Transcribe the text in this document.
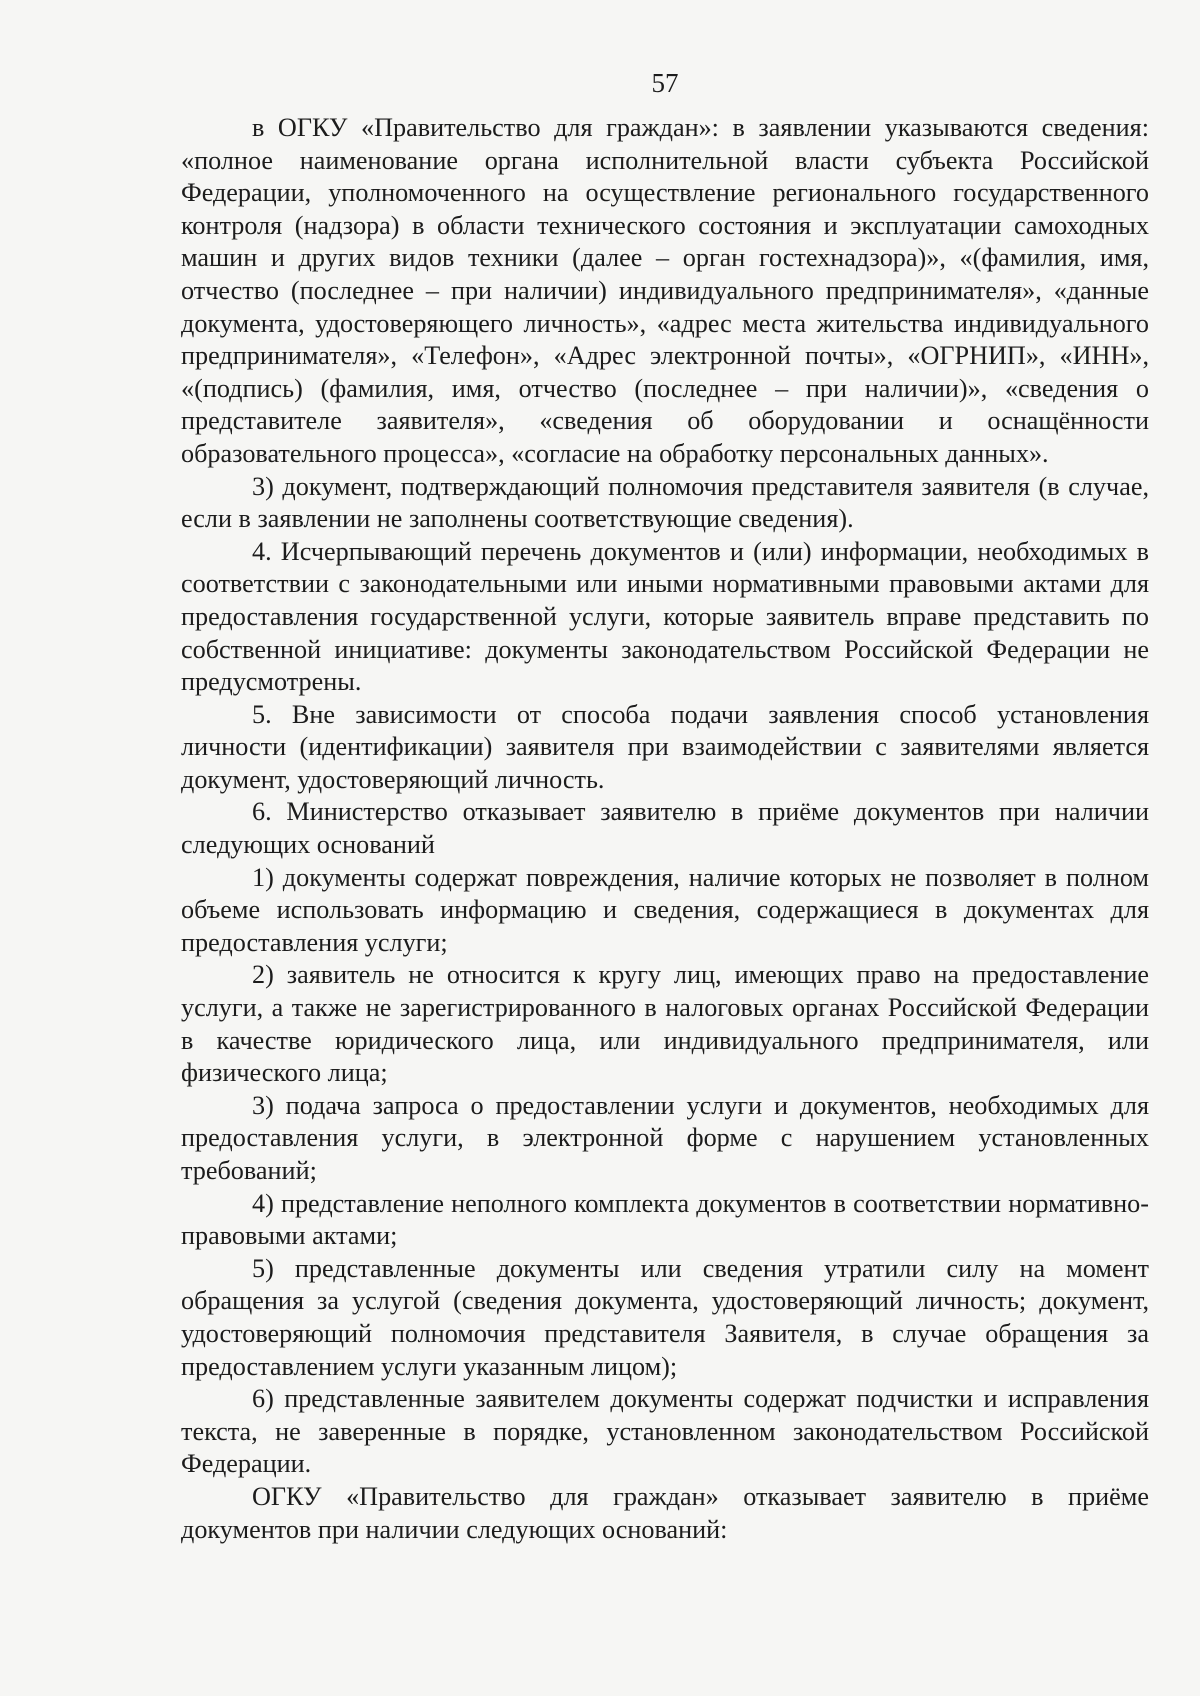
57

в ОГКУ «Правительство для граждан»: в заявлении указываются сведения: «полное наименование органа исполнительной власти субъекта Российской Федерации, уполномоченного на осуществление регионального государственного контроля (надзора) в области технического состояния и эксплуатации самоходных машин и других видов техники (далее – орган гостехнадзора)», «(фамилия, имя, отчество (последнее – при наличии) индивидуального предпринимателя», «данные документа, удостоверяющего личность», «адрес места жительства индивидуального предпринимателя», «Телефон», «Адрес электронной почты», «ОГРНИП», «ИНН», «(подпись) (фамилия, имя, отчество (последнее – при наличии)», «сведения о представителе заявителя», «сведения об оборудовании и оснащённости образовательного процесса», «согласие на обработку персональных данных».

3) документ, подтверждающий полномочия представителя заявителя (в случае, если в заявлении не заполнены соответствующие сведения).

4. Исчерпывающий перечень документов и (или) информации, необходимых в соответствии с законодательными или иными нормативными правовыми актами для предоставления государственной услуги, которые заявитель вправе представить по собственной инициативе: документы законодательством Российской Федерации не предусмотрены.

5. Вне зависимости от способа подачи заявления способ установления личности (идентификации) заявителя при взаимодействии с заявителями является документ, удостоверяющий личность.

6. Министерство отказывает заявителю в приёме документов при наличии следующих оснований

1) документы содержат повреждения, наличие которых не позволяет в полном объеме использовать информацию и сведения, содержащиеся в документах для предоставления услуги;

2) заявитель не относится к кругу лиц, имеющих право на предоставление услуги, а также не зарегистрированного в налоговых органах Российской Федерации в качестве юридического лица, или индивидуального предпринимателя, или физического лица;

3) подача запроса о предоставлении услуги и документов, необходимых для предоставления услуги, в электронной форме с нарушением установленных требований;

4) представление неполного комплекта документов в соответствии нормативно-правовыми актами;

5) представленные документы или сведения утратили силу на момент обращения за услугой (сведения документа, удостоверяющий личность; документ, удостоверяющий полномочия представителя Заявителя, в случае обращения за предоставлением услуги указанным лицом);

6) представленные заявителем документы содержат подчистки и исправления текста, не заверенные в порядке, установленном законодательством Российской Федерации.

ОГКУ «Правительство для граждан» отказывает заявителю в приёме документов при наличии следующих оснований:
